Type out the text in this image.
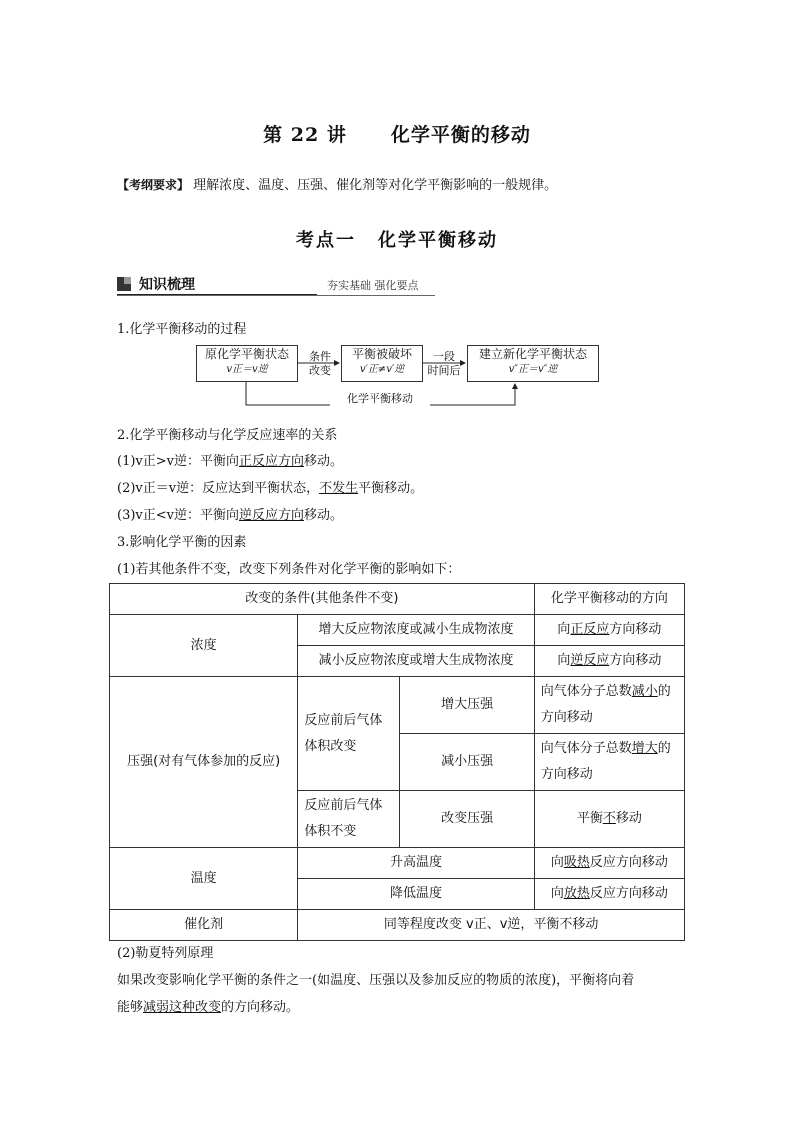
第 22 讲 化学平衡的移动
【考纲要求】 理解浓度、温度、压强、催化剂等对化学平衡影响的一般规律。
考点一 化学平衡移动
知识梳理	夯实基础 强化要点
1.化学平衡移动的过程
原化学平衡状态
v正＝v逆
条件
改变
平衡被破坏
v′正≠v′逆
一段
时间后
建立新化学平衡状态
v″正＝v″逆
化学平衡移动
2.化学平衡移动与化学反应速率的关系
(1)v正>v逆：平衡向正反应方向移动。
(2)v正＝v逆：反应达到平衡状态，不发生平衡移动。
(3)v正<v逆：平衡向逆反应方向移动。
3.影响化学平衡的因素
(1)若其他条件不变，改变下列条件对化学平衡的影响如下：
改变的条件(其他条件不变)			化学平衡移动的方向
浓度	增大反应物浓度或减小生成物浓度		向正反应方向移动
	减小反应物浓度或增大生成物浓度		向逆反应方向移动
压强(对有气体参加的反应)	反应前后气体体积改变	增大压强	向气体分子总数减小的方向移动
		减小压强	向气体分子总数增大的方向移动
	反应前后气体体积不变	改变压强	平衡不移动
温度	升高温度		向吸热反应方向移动
	降低温度		向放热反应方向移动
催化剂	同等程度改变 v正、v逆，平衡不移动		
(2)勒夏特列原理
如果改变影响化学平衡的条件之一(如温度、压强以及参加反应的物质的浓度)，平衡将向着
能够减弱这种改变的方向移动。
